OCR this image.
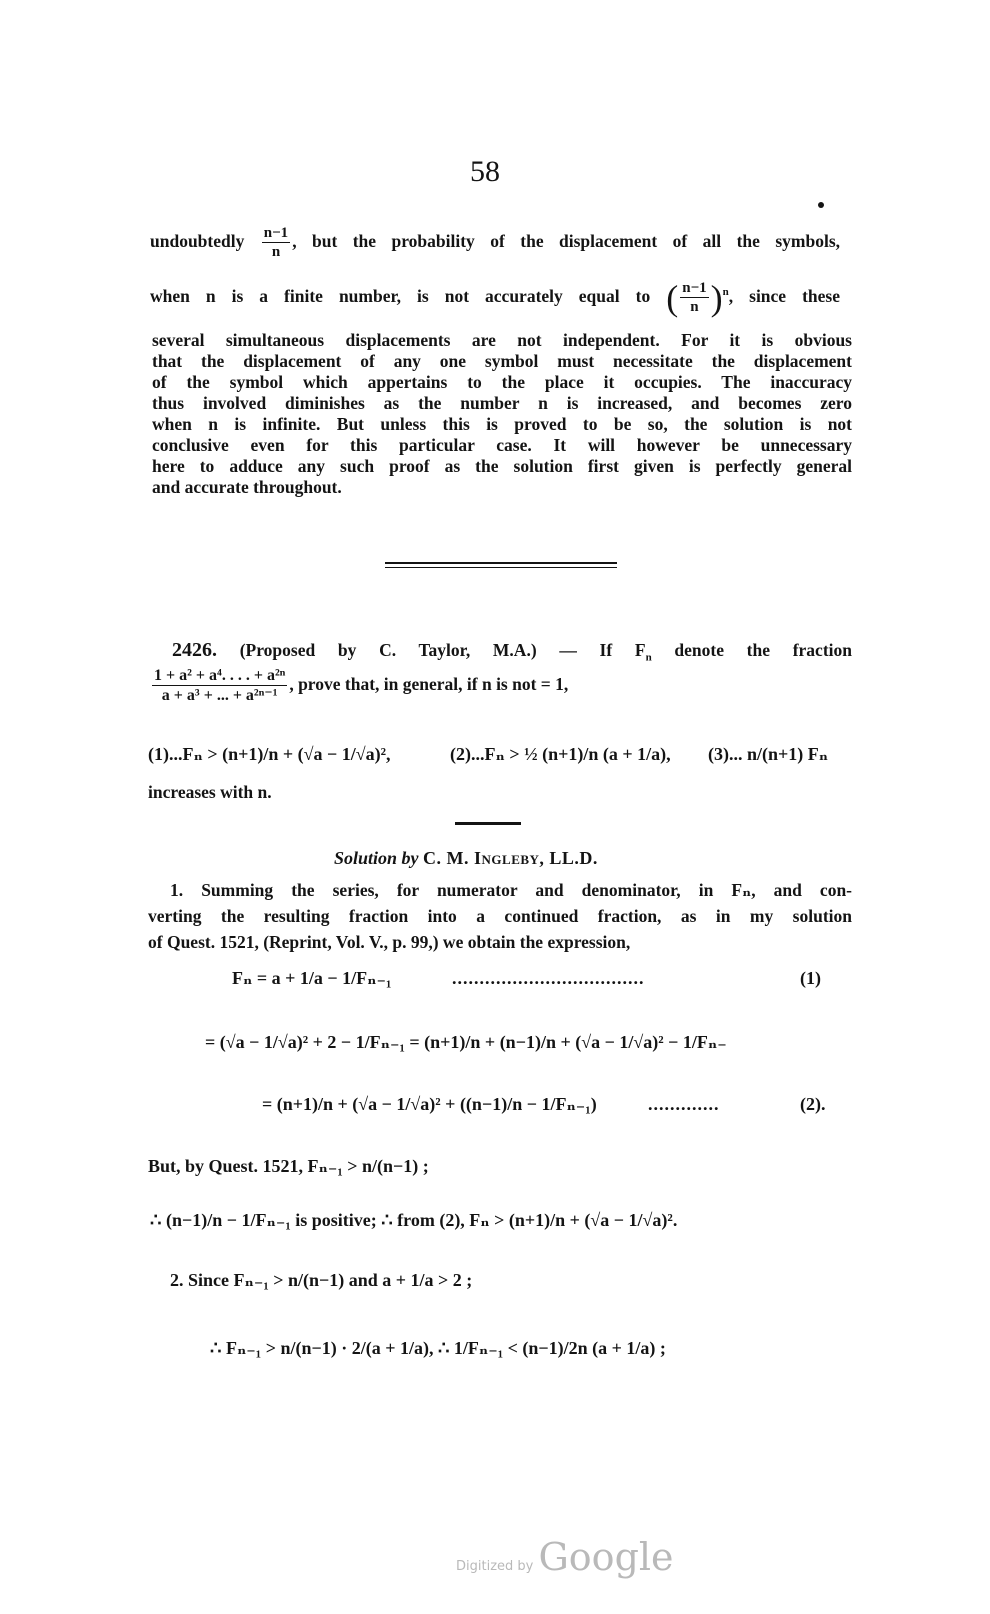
58
undoubtedly $\frac{n-1}{n}$ , but the probability of the displacement of all the symbols,
when n is a finite number, is not accurately equal to ( $\frac{n-1}{n} )^n$, since these
several simultaneous displacements are not independent. For it is obvious
that the displacement of any one symbol must necessitate the displacement
of the symbol which appertains to the place it occupies. The inaccuracy
thus involved diminishes as the number n is increased, and becomes zero
when n is infinite. But unless this is proved to be so, the solution is not
conclusive even for this particular case. It will however be unnecessary
here to adduce any such proof as the solution first given is perfectly general
and accurate throughout.
2426. (Proposed by C. Taylor, M.A.) — If $F_n$ denote the fraction
$\frac{\text{1 + a² + a⁴. . . . + a²ⁿ}}{\text{a + a³ + ... + a²ⁿ⁻¹}}$ , prove that, in general, if n is not = 1,
(1)...Fₙ > (n+1)/n + (√a − 1/√a)²,	(2)...Fₙ > ½ (n+1)/n (a + 1/a), (3)... n/(n+1) Fₙ
increases with n.
Solution by C. M. Ingleby, LL.D.
1. Summing the series, for numerator and denominator, in Fₙ, and con-
verting the resulting fraction into a continued fraction, as in my solution
of Quest. 1521, (Reprint, Vol. V., p. 99,) we obtain the expression,
Fₙ = a + 1/a − 1/Fₙ₋₁	...................................	(1)
= (√a − 1/√a)² + 2 − 1/Fₙ₋₁ = (n+1)/n + (n−1)/n + (√a − 1/√a)² − 1/Fₙ₋
= (n+1)/n + (√a − 1/√a)² + ((n−1)/n − 1/Fₙ₋₁)	.............	(2).
But, by Quest. 1521, Fₙ₋₁ > n/(n−1) ;
∴ (n−1)/n − 1/Fₙ₋₁ is positive; ∴ from (2), Fₙ > (n+1)/n + (√a − 1/√a)².
2. Since Fₙ₋₁ > n/(n−1) and a + 1/a > 2 ;
∴ Fₙ₋₁ > n/(n−1) · 2/(a + 1/a), ∴ 1/Fₙ₋₁ < (n−1)/2n (a + 1/a) ;
Digitized by Google
